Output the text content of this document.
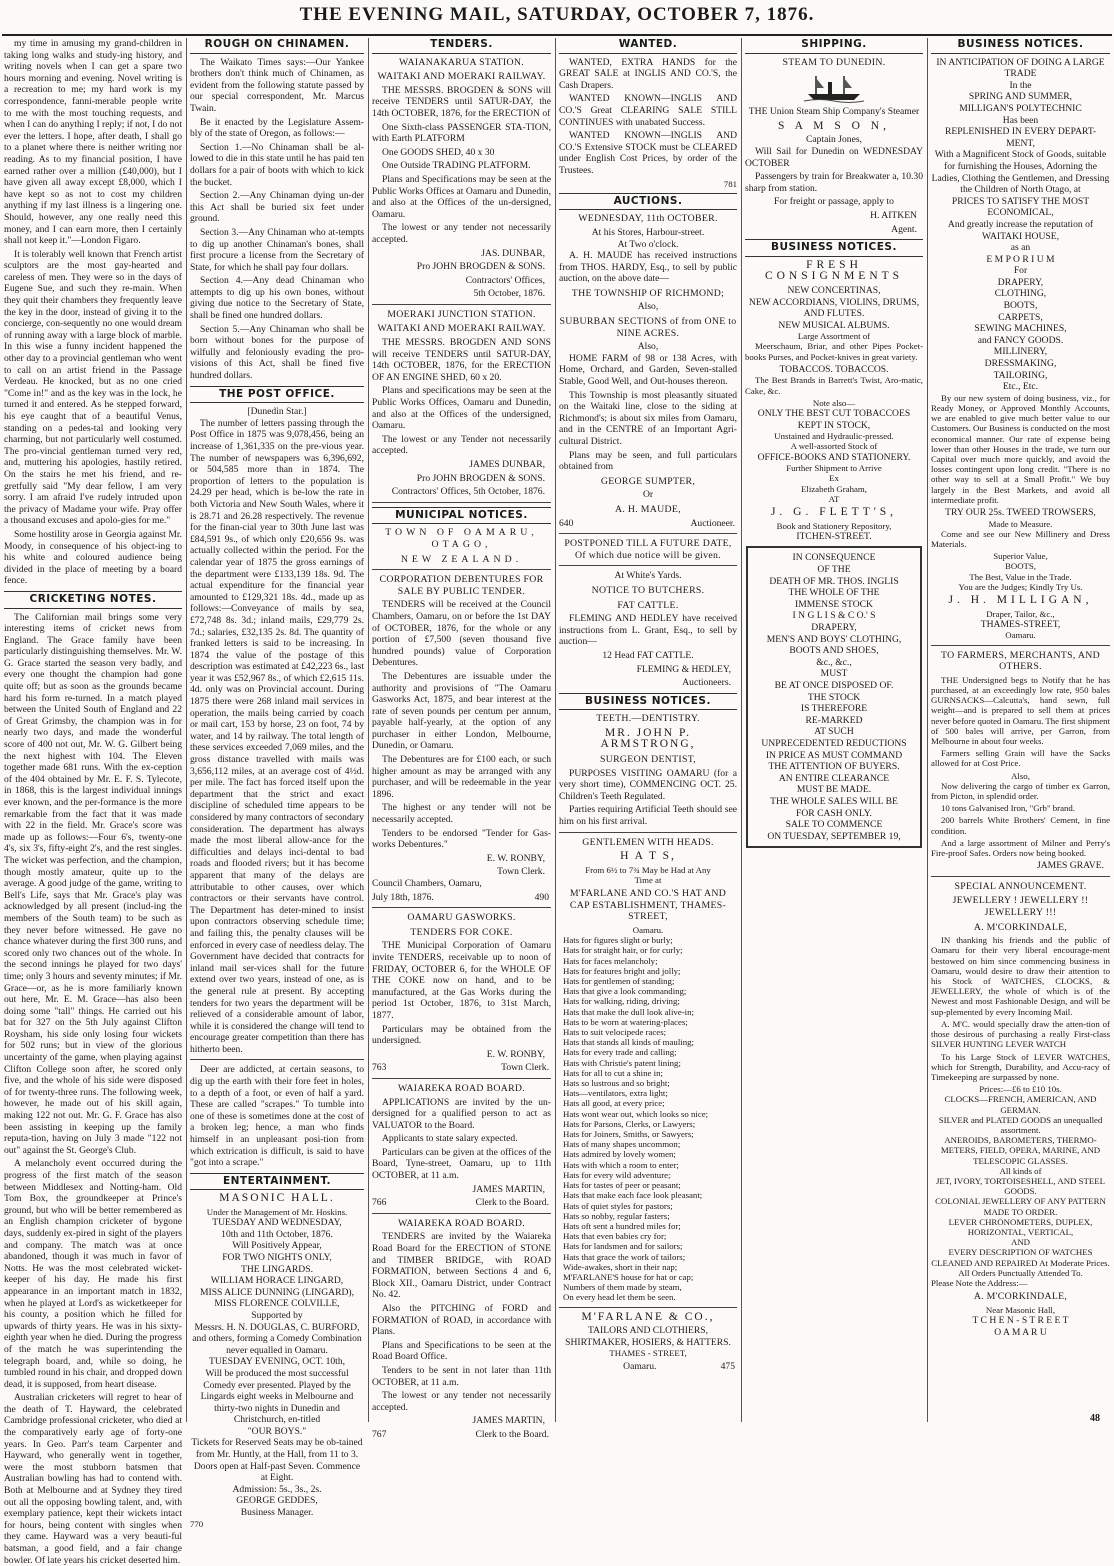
THE EVENING MAIL, SATURDAY, OCTOBER 7, 1876.

my time in amusing my grand-children in taking long walks and study-ing history, and writing novels when I can get a spare two hours morning and evening. Novel writing is a recreation to me; my hard work is my correspondence, fanni-merable people write to me with the most touching requests, and when I can do anything I reply; if not, I do not ever the letters. I hope, after death, I shall go to a planet where there is neither writing nor reading. As to my financial position, I have earned rather over a million (£40,000), but I have given all away except £8,000, which I have kept so as not to cost my children anything if my last illness is a lingering one. Should, however, any one really need this money, and I can earn more, then I certainly shall not keep it."—London Figaro.

It is tolerably well known that French artist sculptors are the most gay-hearted and careless of men. They were so in the days of Eugene Sue, and such they re-main. When they quit their chambers they frequently leave the key in the door, instead of giving it to the concierge, con-sequently no one would dream of running away with a large block of marble. In this wise a funny incident happened the other day to a provincial gentleman who went to call on an artist friend in the Passage Verdeau. He knocked, but as no one cried "Come in!" and as the key was in the lock, he turned it and entered. As he stepped forward, his eye caught that of a beautiful Venus, standing on a pedes-tal and looking very charming, but not particularly well costumed. The pro-vincial gentleman turned very red, and, muttering his apologies, hastily retired. On the stairs he met his friend, and re-gretfully said "My dear fellow, I am very sorry. I am afraid I've rudely intruded upon the privacy of Madame your wife. Pray offer a thousand excuses and apolo-gies for me."

Some hostility arose in Georgia against Mr. Moody, in consequence of his object-ing to his white and coloured audience being divided in the place of meeting by a board fence.

CRICKETING NOTES.

The Californian mail brings some very interesting items of cricket news from England. The Grace family have been particularly distinguishing themselves. Mr. W. G. Grace started the season very badly, and every one thought the champion had gone quite off; but as soon as the grounds became hard his form re-turned. In a match played between the United South of England and 22 of Great Grimsby, the champion was in for nearly two days, and made the wonderful score of 400 not out, Mr. W. G. Gilbert being the next highest with 104. The Eleven together made 681 runs. With the ex-ception of the 404 obtained by Mr. E. F. S. Tylecote, in 1868, this is the largest individual innings ever known, and the per-formance is the more remarkable from the fact that it was made with 22 in the field. Mr. Grace's score was made up as follows:—Four 6's, twenty-one 4's, six 3's, fifty-eight 2's, and the rest singles. The wicket was perfection, and the champion, though mostly amateur, quite up to the average. A good judge of the game, writing to Bell's Life, says that Mr. Grace's play was acknowledged by all present (includ-ing the members of the South team) to be such as they never before witnessed. He gave no chance whatever during the first 300 runs, and scored only two chances out of the whole. In the second innings he played for two days' time; only 3 hours and seventy minutes; if Mr. Grace—or, as he is more familiarly known out here, Mr. E. M. Grace—has also been doing some "tall" things. He carried out his bat for 327 on the 5th July against Clifton Roysham, his side only losing four wickets for 502 runs; but in view of the glorious uncertainty of the game, when playing against Clifton College soon after, he scored only five, and the whole of his side were disposed of for twenty-three runs. The following week, however, he made out of his skill again, making 122 not out. Mr. G. F. Grace has also been assisting in keeping up the family reputa-tion, having on July 3 made "122 not out" against the St. George's Club.

A melancholy event occurred during the progress of the first match of the season between Middlesex and Notting-ham. Old Tom Box, the groundkeeper at Prince's ground, but who will be better remembered as an English champion cricketer of bygone days, suddenly ex-pired in sight of the players and company. The match was at once abandoned, though it was much in favor of Notts. He was the most celebrated wicket-keeper of his day. He made his first appearance in an important match in 1832, when he played at Lord's as wicketkeeper for his county, a position which he filled for upwards of thirty years. He was in his sixty-eighth year when he died. During the progress of the match he was superintending the telegraph board, and, while so doing, he tumbled round in his chair, and dropped down dead, it is supposed, from heart disease.

Australian cricketers will regret to hear of the death of T. Hayward, the celebrated Cambridge professional cricketer, who died at the comparatively early age of forty-one years. In Geo. Parr's team Carpenter and Hayward, who generally went in together, were the most stubborn batsmen that Australian bowling has had to contend with. Both at Melbourne and at Sydney they tired out all the opposing bowling talent, and, with exemplary patience, kept their wickets intact for hours, being content with singles when they came. Hayward was a very beauti-ful batsman, a good field, and a fair change bowler. Of late years his cricket deserted him.

ROUGH ON CHINAMEN.

The Waikato Times says:—Our Yankee brothers don't think much of Chinamen, as evident from the following statute passed by our special correspondent, Mr. Marcus Twain.

Be it enacted by the Legislature Assem-bly of the state of Oregon, as follows:—

Section 1.—No Chinaman shall be al-lowed to die in this state until he has paid ten dollars for a pair of boots with which to kick the bucket.

Section 2.—Any Chinaman dying un-der this Act shall be buried six feet under ground.

Section 3.—Any Chinaman who at-tempts to dig up another Chinaman's bones, shall first procure a license from the Secretary of State, for which he shall pay four dollars.

Section 4.—Any dead Chinaman who attempts to dig up his own bones, without giving due notice to the Secretary of State, shall be fined one hundred dollars.

Section 5.—Any Chinaman who shall be born without bones for the purpose of wilfully and feloniously evading the pro-visions of this Act, shall be fined five hundred dollars.

THE POST OFFICE.
[Dunedin Star.]

The number of letters passing through the Post Office in 1875 was 9,078,456, being an increase of 1,361,335 on the pre-vious year. The number of newspapers was 6,396,692, or 504,585 more than in 1874. The proportion of letters to the population is 24.29 per head, which is be-low the rate in both Victoria and New South Wales, where it is 28.71 and 26.28 respectively. The revenue for the finan-cial year to 30th June last was £84,591 9s., of which only £20,656 9s. was actually collected within the period. For the calendar year of 1875 the gross earnings of the department were £133,139 18s. 9d. The actual expenditure for the financial year amounted to £129,321 18s. 4d., made up as follows:—Conveyance of mails by sea, £72,748 8s. 3d.; inland mails, £29,779 2s. 7d.; salaries, £32,135 2s. 8d. The quantity of franked letters is said to be increasing. In 1874 the value of the postage of this description was estimated at £42,223 6s., last year it was £52,967 8s., of which £2,615 11s. 4d. only was on Provincial account. During 1875 there were 268 inland mail services in operation, the mails being carried by coach or mail cart, 153 by horse, 23 on foot, 74 by water, and 14 by railway. The total length of these services exceeded 7,069 miles, and the gross distance travelled with mails was 3,656,112 miles, at an average cost of 4½d. per mile. The fact has forced itself upon the department that the strict and exact discipline of scheduled time appears to be considered by many contractors of secondary consideration. The department has always made the most liberal allow-ance for the difficulties and delays inci-dental to bad roads and flooded rivers; but it has become apparent that many of the delays are attributable to other causes, over which contractors or their servants have control. The Department has deter-mined to insist upon contractors observing schedule time; and failing this, the penalty clauses will be enforced in every case of needless delay. The Government have decided that contracts for inland mail ser-vices shall for the future extend over two years, instead of one, as is the general rule at present. By accepting tenders for two years the department will be relieved of a considerable amount of labor, while it is considered the change will tend to encourage greater competition than there has hitherto been.

Deer are addicted, at certain seasons, to dig up the earth with their fore feet in holes, to a depth of a foot, or even of half a yard. These are called "scrapes." To tumble into one of these is sometimes done at the cost of a broken leg; hence, a man who finds himself in an unpleasant posi-tion from which extrication is difficult, is said to have "got into a scrape."

ENTERTAINMENT.
MASONIC HALL.
Under the Management of Mr. Hoskins.
TUESDAY AND WEDNESDAY,
10th and 11th October, 1876.
Will Positively Appear,
FOR TWO NIGHTS ONLY,
THE LINGARDS.
WILLIAM HORACE LINGARD,
MISS ALICE DUNNING (LINGARD),
MISS FLORENCE COLVILLE,
Supported by
Messrs. H. N. DOUGLAS, C. BURFORD, and others, forming a Comedy Combination never equalled in Oamaru.
TUESDAY EVENING, OCT. 10th,
Will be produced the most successful Comedy ever presented. Played by the Lingards eight weeks in Melbourne and thirty-two nights in Dunedin and Christchurch, en-titled
"OUR BOYS."
Tickets for Reserved Seats may be ob-tained from Mr. Huntly, at the Hall, from 11 to 3.
Doors open at Half-past Seven. Commence at Eight.
Admission: 5s., 3s., 2s.
GEORGE GEDDES,
Business Manager.
770
TENDERS.
WAIANAKARUA STATION.
WAITAKI AND MOERAKI RAILWAY.

THE MESSRS. BROGDEN & SONS will receive TENDERS until SATUR-DAY, the 14th OCTOBER, 1876, for the ERECTION of

One Sixth-class PASSENGER STA-TION, with Earth PLATFORM

One GOODS SHED, 40 x 30

One Outside TRADING PLATFORM.

Plans and Specifications may be seen at the Public Works Offices at Oamaru and Dunedin, and also at the Offices of the un-dersigned, Oamaru.

The lowest or any tender not necessarily accepted.

JAS. DUNBAR,
Pro JOHN BROGDEN & SONS.
Contractors' Offices,
5th October, 1876.
MOERAKI JUNCTION STATION.
WAITAKI AND MOERAKI RAILWAY.

THE MESSRS. BROGDEN AND SONS will receive TENDERS until SATUR-DAY, 14th OCTOBER, 1876, for the ERECTION OF AN ENGINE SHED, 60 x 20.

Plans and specifications may be seen at the Public Works Offices, Oamaru and Dunedin, and also at the Offices of the undersigned, Oamaru.

The lowest or any Tender not necessarily accepted.

JAMES DUNBAR,
Pro JOHN BROGDEN & SONS.
Contractors' Offices, 5th October, 1876.
MUNICIPAL NOTICES.
TOWN OF OAMARU, OTAGO,
NEW ZEALAND.
CORPORATION DEBENTURES FOR SALE BY PUBLIC TENDER.

TENDERS will be received at the Council Chambers, Oamaru, on or before the 1st DAY of OCTOBER, 1876, for the whole or any portion of £7,500 (seven thousand five hundred pounds) value of Corporation Debentures.

The Debentures are issuable under the authority and provisions of "The Oamaru Gasworks Act, 1875, and bear interest at the rate of seven pounds per centum per annum, payable half-yearly, at the option of any purchaser in either London, Melbourne, Dunedin, or Oamaru.

The Debentures are for £100 each, or such higher amount as may be arranged with any purchaser, and will be redeemable in the year 1896.

The highest or any tender will not be necessarily accepted.

Tenders to be endorsed "Tender for Gas-works Debentures."

E. W. RONBY,
Town Clerk.
Council Chambers, Oamaru,
July 18th, 1876.	490
OAMARU GASWORKS.
TENDERS FOR COKE.

THE Municipal Corporation of Oamaru invite TENDERS, receivable up to noon of FRIDAY, OCTOBER 6, for the WHOLE OF THE COKE now on hand, and to be manufactured, at the Gas Works during the period 1st October, 1876, to 31st March, 1877.

Particulars may be obtained from the undersigned.

E. W. RONBY,
763	Town Clerk.
WAIAREKA ROAD BOARD.

APPLICATIONS are invited by the un-dersigned for a qualified person to act as VALUATOR to the Board.

Applicants to state salary expected.

Particulars can be given at the offices of the Board, Tyne-street, Oamaru, up to 11th OCTOBER, at 11 a.m.

JAMES MARTIN,
766	Clerk to the Board.
WAIAREKA ROAD BOARD.

TENDERS are invited by the Waiareka Road Board for the ERECTION of STONE and TIMBER BRIDGE, with ROAD FORMATION, between Sections 4 and 6, Block XII., Oamaru District, under Contract No. 42.

Also the PITCHING of FORD and FORMATION of ROAD, in accordance with Plans.

Plans and Specifications to be seen at the Road Board Office.

Tenders to be sent in not later than 11th OCTOBER, at 11 a.m.

The lowest or any tender not necessarily accepted.

JAMES MARTIN,
767	Clerk to the Board.
WANTED.

WANTED, EXTRA HANDS for the GREAT SALE at INGLIS AND CO.'S, the Cash Drapers.

WANTED KNOWN—INGLIS AND CO.'S Great CLEARING SALE STILL CONTINUES with unabated Success.

WANTED KNOWN—INGLIS AND CO.'S Extensive STOCK must be CLEARED under English Cost Prices, by order of the Trustees.

781
AUCTIONS.
WEDNESDAY, 11th OCTOBER.
At his Stores, Harbour-street.
At Two o'clock.

A. H. MAUDE has received instructions from THOS. HARDY, Esq., to sell by public auction, on the above date—

THE TOWNSHIP OF RICHMOND;
Also,
SUBURBAN SECTIONS of from ONE to NINE ACRES.
Also,

HOME FARM of 98 or 138 Acres, with Home, Orchard, and Garden, Seven-stalled Stable, Good Well, and Out-houses thereon.

This Township is most pleasantly situated on the Waitaki line, close to the siding at Richmond's; is about six miles from Oamaru, and in the CENTRE of an Important Agri-cultural District.

Plans may be seen, and full particulars obtained from

GEORGE SUMPTER,
Or
A. H. MAUDE,
640	Auctioneer.
POSTPONED TILL A FUTURE DATE, Of which due notice will be given.
At White's Yards.
NOTICE TO BUTCHERS.
FAT CATTLE.

FLEMING AND HEDLEY have received instructions from L. Grant, Esq., to sell by auction—

12 Head FAT CATTLE.
FLEMING & HEDLEY,
Auctioneers.
BUSINESS NOTICES.
TEETH.—DENTISTRY.
MR. JOHN P. ARMSTRONG,
SURGEON DENTIST,

PURPOSES VISITING OAMARU (for a very short time), COMMENCING OCT. 25. Children's Teeth Regulated.

Parties requiring Artificial Teeth should see him on his first arrival.

GENTLEMEN WITH HEADS.
H A T S,
From 6½ to 7¾ May be Had at Any
Time at
M'FARLANE AND CO.'S HAT AND CAP ESTABLISHMENT, THAMES-STREET,
Oamaru.
Hats for figures slight or burly;
Hats for straight hair, or for curly;
Hats for faces melancholy;
Hats for features bright and jolly;
Hats for gentlemen of standing;
Hats that give a look commanding;
Hats for walking, riding, driving;
Hats that make the dull look alive-in;
Hats to be worn at watering-places;
Hats to suit velocipede races;
Hats that stands all kinds of mauling;
Hats for every trade and calling;
Hats with Christie's patent lining;
Hats for all to cut a shine in;
Hats so lustrous and so bright;
Hats—ventilators, extra light;
Hats all good, at every price;
Hats wont wear out, which looks so nice;
Hats for Parsons, Clerks, or Lawyers;
Hats for Joiners, Smiths, or Sawyers;
Hats of many shapes uncommon;
Hats admired by lovely women;
Hats with which a room to enter;
Hats for every wild adventure;
Hats for tastes of peer or peasant;
Hats that make each face look pleasant;
Hats of quiet styles for pastors;
Hats so nobby, regular fasters;
Hats oft sent a hundred miles for;
Hats that even babies cry for;
Hats for landsmen and for sailors;
Hats that grace the work of tailors;
Wide-awakes, short in their nap;
M'FARLANE'S house for hat or cap;
Numbers of them made by steam,
On every head let them be seen.
M'FARLANE & CO.,
TAILORS AND CLOTHIERS,
SHIRTMAKER, HOSIERS, & HATTERS.
THAMES - STREET,
Oamaru.	475
SHIPPING.
STEAM TO DUNEDIN.
THE Union Steam Ship Company's Steamer
S A M S O N,
Captain Jones,

Will Sail for Dunedin on WEDNESDAY OCTOBER

Passengers by train for Breakwater a, 10.30 sharp from station.

For freight or passage, apply to
H. AITKEN
Agent.
BUSINESS NOTICES.
FRESH CONSIGNMENTS
NEW CONCERTINAS,
NEW ACCORDIANS, VIOLINS, DRUMS,
AND FLUTES.
NEW MUSICAL ALBUMS.
Large Assortment of

Meerschaum, Briar, and other Pipes Pocket-books Purses, and Pocket-knives in great variety.

TOBACCOS. TOBACCOS.

The Best Brands in Barrett's Twist, Aro-matic, Cake, &c.

Note also—
ONLY THE BEST CUT TOBACCOES
KEPT IN STOCK,
Unstained and Hydraulic-pressed.
A well-assorted Stock of
OFFICE-BOOKS AND STATIONERY.
Further Shipment to Arrive
Ex
Elizabeth Graham,
AT
J. G. FLETT'S,
Book and Stationery Repository,
ITCHEN-STREET.
IN CONSEQUENCE
OF THE
DEATH OF MR. THOS. INGLIS
THE WHOLE OF THE
IMMENSE STOCK
I N G L I S & C O.' S
DRAPERY,
MEN'S AND BOYS' CLOTHING,
BOOTS AND SHOES,
&c., &c.,
MUST
BE AT ONCE DISPOSED OF.
THE STOCK
IS THEREFORE
RE-MARKED
AT SUCH
UNPRECEDENTED REDUCTIONS
IN PRICE AS MUST COMMAND
THE ATTENTION OF BUYERS.
AN ENTIRE CLEARANCE
MUST BE MADE.
THE WHOLE SALES WILL BE
FOR CASH ONLY.
SALE TO COMMENCE
ON TUESDAY, SEPTEMBER 19,
BUSINESS NOTICES.
IN ANTICIPATION OF DOING A LARGE TRADE
In the
SPRING AND SUMMER,
MILLIGAN'S POLYTECHNIC
Has been
REPLENISHED IN EVERY DEPART-MENT,
With a Magnificent Stock of Goods, suitable for furnishing the Houses, Adorning the Ladies, Clothing the Gentlemen, and Dressing the Children of North Otago, at
PRICES TO SATISFY THE MOST ECONOMICAL,
And greatly increase the reputation of
WAITAKI HOUSE,
as an
E M P O R I U M
For
DRAPERY,
CLOTHING,
BOOTS,
CARPETS,
SEWING MACHINES,
and FANCY GOODS.
MILLINERY,
DRESSMAKING,
TAILORING,
Etc., Etc.

By our new system of doing business, viz., for Ready Money, or Approved Monthly Accounts, we are enabled to give much better value to our Customers. Our Business is conducted on the most economical manner. Our rate of expense being lower than other Houses in the trade, we turn our Capital over much more quickly, and avoid the losses contingent upon long credit. "There is no other way to sell at a Small Profit." We buy largely in the Best Markets, and avoid all intermediate profit.

TRY OUR 25s. TWEED TROWSERS,
Made to Measure.

Come and see our New Millinery and Dress Materials.

Superior Value,
BOOTS,
The Best, Value in the Trade.
You are the Judges; Kindly Try Us.
J. H. MILLIGAN,
Draper, Tailor, &c.,
THAMES-STREET,
Oamaru.
TO FARMERS, MERCHANTS, AND OTHERS.

THE Undersigned begs to Notify that he has purchased, at an exceedingly low rate, 950 bales GURNSACKS—Calcutta's, hand sewn, full weight—and is prepared to sell them at prices never before quoted in Oamaru. The first shipment of 500 bales will arrive, per Garron, from Melbourne in about four weeks.

Farmers selling Grain will have the Sacks allowed for at Cost Price.

Also,

Now delivering the cargo of timber ex Garron, from Picton, in splendid order.

10 tons Galvanised Iron, "Grb" brand.

200 barrels White Brothers' Cement, in fine condition.

And a large assortment of Milner and Perry's Fire-proof Safes. Orders now being booked.

JAMES GRAVE.
SPECIAL ANNOUNCEMENT.
JEWELLERY ! JEWELLERY !! JEWELLERY !!!
A. M'CORKINDALE,

IN thanking his friends and the public of Oamaru for their very liberal encourage-ment bestowed on him since commencing business in Oamaru, would desire to draw their attention to his Stock of WATCHES, CLOCKS, & JEWELLERY, the whole of which is of the Newest and most Fashionable Design, and will be sup-plemented by every Incoming Mail.

A. M'C. would specially draw the atten-tion of those desirous of purchasing a really First-class SILVER HUNTING LEVER WATCH

To his Large Stock of LEVER WATCHES, which for Strength, Durability, and Accu-racy of Timekeeping are surpassed by none.

Prices:—£6 to £10 10s.
CLOCKS—FRENCH, AMERICAN, AND GERMAN.
SILVER and PLATED GOODS an unequalled assortment.
ANEROIDS, BAROMETERS, THERMO-METERS, FIELD, OPERA, MARINE, AND TELESCOPIC GLASSES.
All kinds of
JET, IVORY, TORTOISESHELL, AND STEEL GOODS.
COLONIAL JEWELLERY OF ANY PATTERN MADE TO ORDER.
LEVER CHRONOMETERS, DUPLEX, HORIZONTAL, VERTICAL,
AND
EVERY DESCRIPTION OF WATCHES CLEANED AND REPAIRED At Moderate Prices.
All Orders Punctually Attended To.
Please Note the Address:—
A. M'CORKINDALE,
Near Masonic Hall,
T C H E N - S T R E E T
O A M A R U
48
